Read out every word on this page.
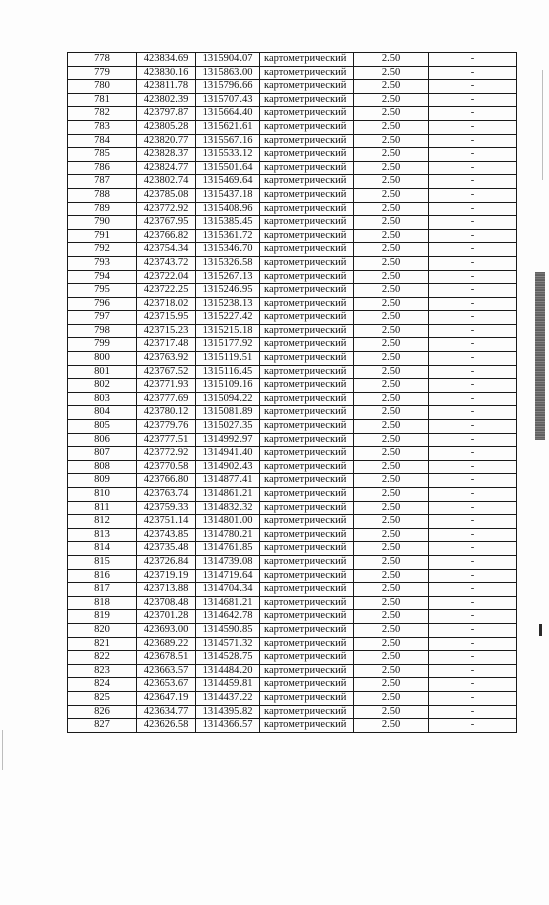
778	423834.69	1315904.07	картометрический	2.50	-
779	423830.16	1315863.00	картометрический	2.50	-
780	423811.78	1315796.66	картометрический	2.50	-
781	423802.39	1315707.43	картометрический	2.50	-
782	423797.87	1315664.40	картометрический	2.50	-
783	423805.28	1315621.61	картометрический	2.50	-
784	423820.77	1315567.16	картометрический	2.50	-
785	423828.37	1315533.12	картометрический	2.50	-
786	423824.77	1315501.64	картометрический	2.50	-
787	423802.74	1315469.64	картометрический	2.50	-
788	423785.08	1315437.18	картометрический	2.50	-
789	423772.92	1315408.96	картометрический	2.50	-
790	423767.95	1315385.45	картометрический	2.50	-
791	423766.82	1315361.72	картометрический	2.50	-
792	423754.34	1315346.70	картометрический	2.50	-
793	423743.72	1315326.58	картометрический	2.50	-
794	423722.04	1315267.13	картометрический	2.50	-
795	423722.25	1315246.95	картометрический	2.50	-
796	423718.02	1315238.13	картометрический	2.50	-
797	423715.95	1315227.42	картометрический	2.50	-
798	423715.23	1315215.18	картометрический	2.50	-
799	423717.48	1315177.92	картометрический	2.50	-
800	423763.92	1315119.51	картометрический	2.50	-
801	423767.52	1315116.45	картометрический	2.50	-
802	423771.93	1315109.16	картометрический	2.50	-
803	423777.69	1315094.22	картометрический	2.50	-
804	423780.12	1315081.89	картометрический	2.50	-
805	423779.76	1315027.35	картометрический	2.50	-
806	423777.51	1314992.97	картометрический	2.50	-
807	423772.92	1314941.40	картометрический	2.50	-
808	423770.58	1314902.43	картометрический	2.50	-
809	423766.80	1314877.41	картометрический	2.50	-
810	423763.74	1314861.21	картометрический	2.50	-
811	423759.33	1314832.32	картометрический	2.50	-
812	423751.14	1314801.00	картометрический	2.50	-
813	423743.85	1314780.21	картометрический	2.50	-
814	423735.48	1314761.85	картометрический	2.50	-
815	423726.84	1314739.08	картометрический	2.50	-
816	423719.19	1314719.64	картометрический	2.50	-
817	423713.88	1314704.34	картометрический	2.50	-
818	423708.48	1314681.21	картометрический	2.50	-
819	423701.28	1314642.78	картометрический	2.50	-
820	423693.00	1314590.85	картометрический	2.50	-
821	423689.22	1314571.32	картометрический	2.50	-
822	423678.51	1314528.75	картометрический	2.50	-
823	423663.57	1314484.20	картометрический	2.50	-
824	423653.67	1314459.81	картометрический	2.50	-
825	423647.19	1314437.22	картометрический	2.50	-
826	423634.77	1314395.82	картометрический	2.50	-
827	423626.58	1314366.57	картометрический	2.50	-
